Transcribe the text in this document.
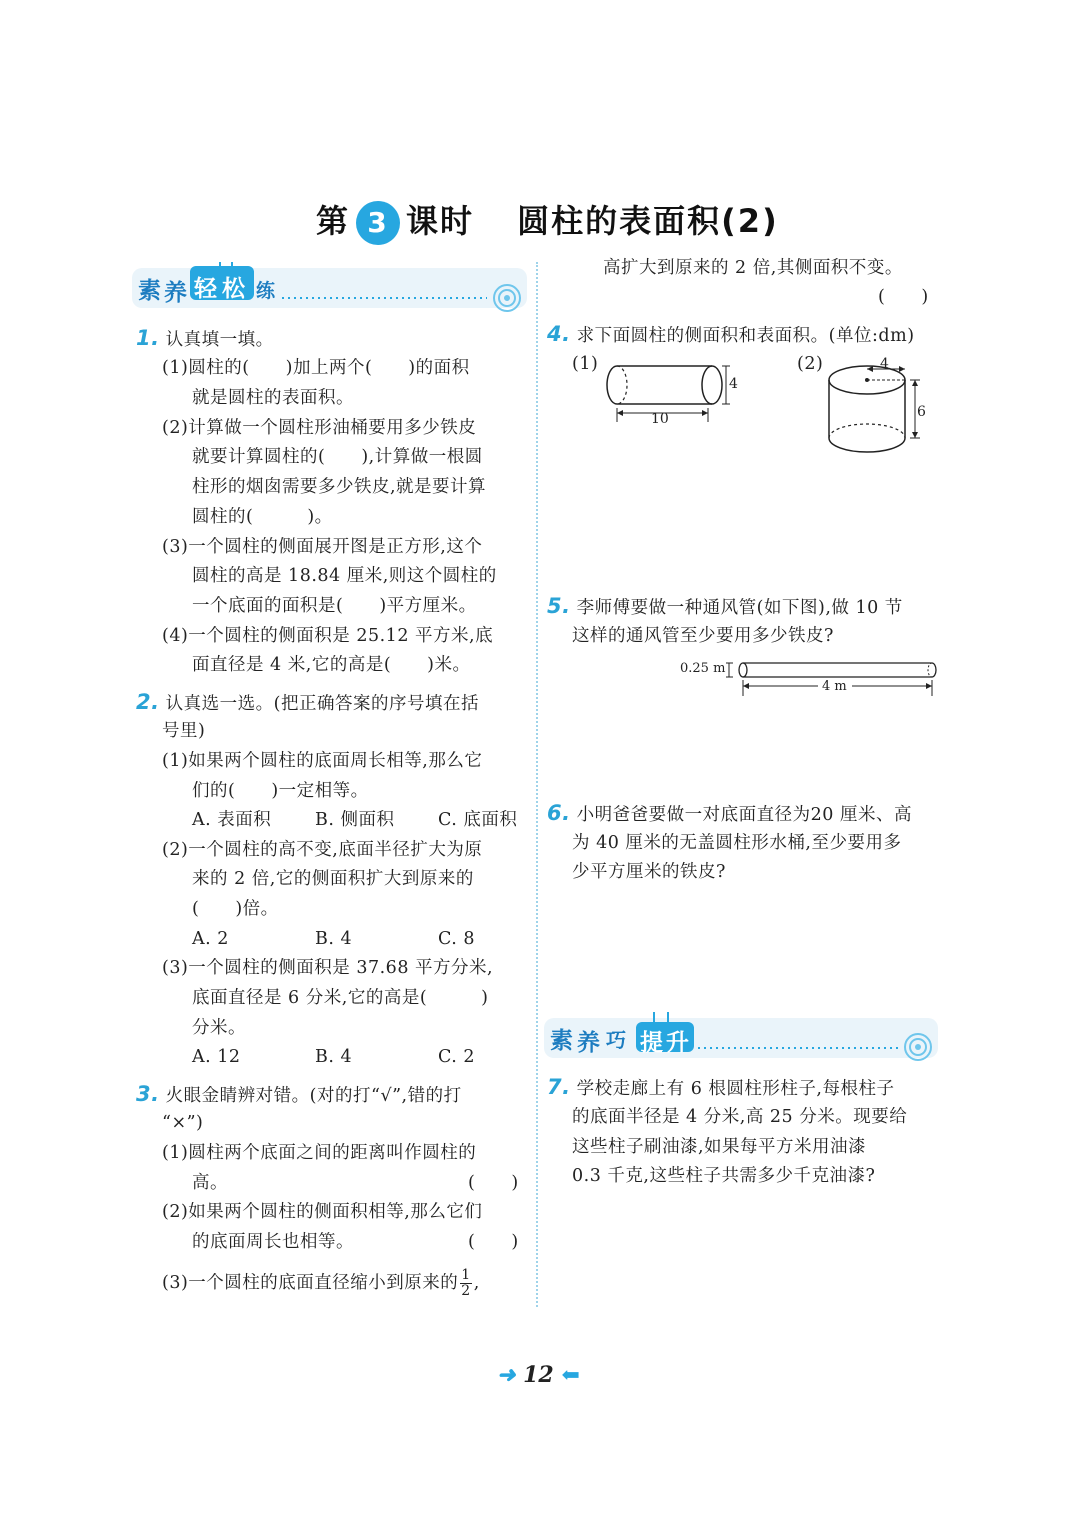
第 3 课时 圆柱的表面积(2)
素 养 轻 松 练
1. 认真填一填。
(1)圆柱的(　　)加上两个(　　)的面积
就是圆柱的表面积。
(2)计算做一个圆柱形油桶要用多少铁皮
就要计算圆柱的(　　),计算做一根圆
柱形的烟囱需要多少铁皮,就是要计算
圆柱的(　　　)。
(3)一个圆柱的侧面展开图是正方形,这个
圆柱的高是 18.84 厘米,则这个圆柱的
一个底面的面积是(　　)平方厘米。
(4)一个圆柱的侧面积是 25.12 平方米,底
面直径是 4 米,它的高是(　　)米。
2. 认真选一选。(把正确答案的序号填在括
号里)
(1)如果两个圆柱的底面周长相等,那么它
们的(　　)一定相等。
A. 表面积 B. 侧面积 C. 底面积
(2)一个圆柱的高不变,底面半径扩大为原
来的 2 倍,它的侧面积扩大到原来的
(　　)倍。
A. 2	B. 4	C. 8
(3)一个圆柱的侧面积是 37.68 平方分米,
底面直径是 6 分米,它的高是(　　　)
分米。
A. 12	B. 4	C. 2
3. 火眼金睛辨对错。(对的打“√”,错的打
“×”)
(1)圆柱两个底面之间的距离叫作圆柱的
高。	(　　)
(2)如果两个圆柱的侧面积相等,那么它们
的底面周长也相等。	(　　)
(3)一个圆柱的底面直径缩小到原来的 $\frac{1}{2}$ ,
高扩大到原来的 2 倍,其侧面积不变。
(　　)
4. 求下面圆柱的侧面积和表面积。(单位:dm)
(1)	(2)
10
4
4
6
5. 李师傅要做一种通风管(如下图),做 10 节
这样的通风管至少要用多少铁皮?
0.25 m
4 m
6. 小明爸爸要做一对底面直径为20 厘米、高
为 40 厘米的无盖圆柱形水桶,至少要用多
少平方厘米的铁皮?
素 养 巧 提 升
7. 学校走廊上有 6 根圆柱形柱子,每根柱子
的底面半径是 4 分米,高 25 分米。现要给
这些柱子刷油漆,如果每平方米用油漆
0.3 千克,这些柱子共需多少千克油漆?
➜ 12 ⬅
